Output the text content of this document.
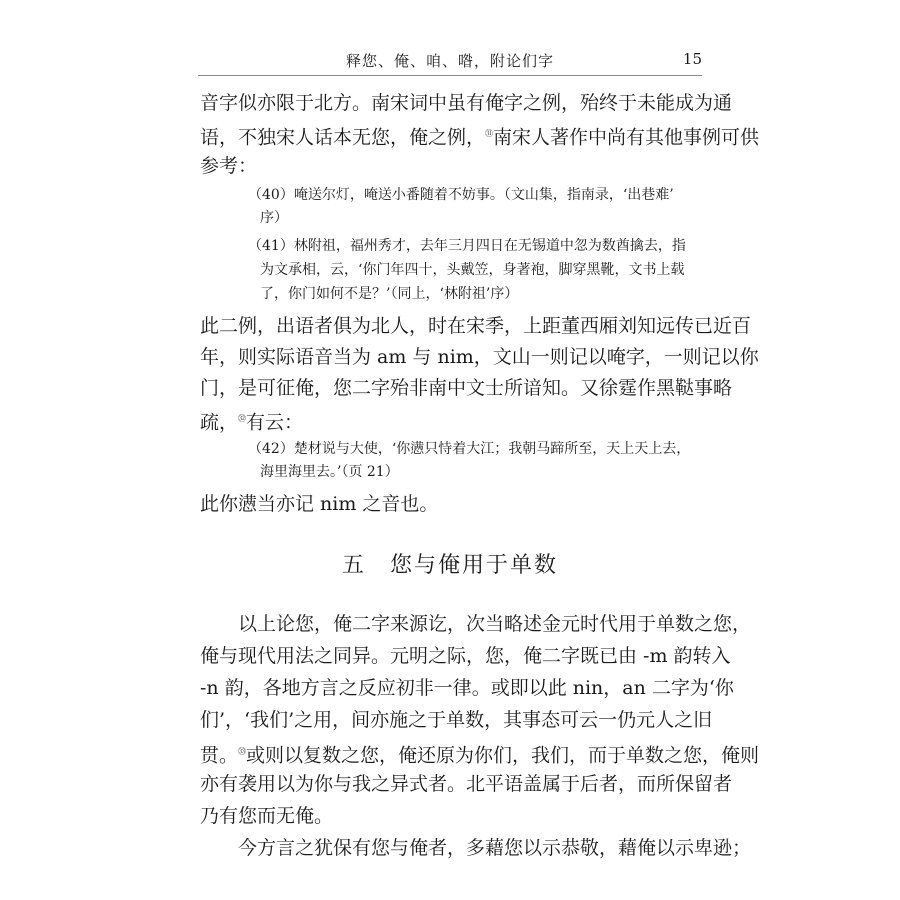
释您、俺、咱、喒，附论们字	15
音字似亦限于北方。南宋词中虽有俺字之例，殆终于未能成为通
语，不独宋人话本无您，俺之例，$^㉛$南宋人著作中尚有其他事例可供
参考：
（40）唵送尔灯，唵送小番随着不妨事。（文山集，指南录，‘出巷难’
序）
（41）林附祖，福州秀才，去年三月四日在无锡道中忽为数酋擒去，指
为文承相，云，‘你门年四十，头戴笠，身著袍，脚穿黑靴，文书上载
了，你门如何不是？’（同上，‘林附祖’序）
此二例，出语者俱为北人，时在宋季，上距董西厢刘知远传已近百
年，则实际语音当为 am 与 nim，文山一则记以唵字，一则记以你
门，是可征俺，您二字殆非南中文士所谙知。又徐霆作黑鞑事略
疏，$^㉜$有云：
（42）楚材说与大使，‘你懑只恃着大江；我朝马蹄所至，天上天上去，
海里海里去。’（页 21）
此你懑当亦记 nim 之音也。
五　您与俺用于单数
以上论您，俺二字来源讫，次当略述金元时代用于单数之您，
俺与现代用法之同异。元明之际，您，俺二字既已由 -m 韵转入
-n 韵，各地方言之反应初非一律。或即以此 nin，an 二字为‘你
们’，‘我们’之用，间亦施之于单数，其事态可云一仍元人之旧
贯。$^㉝$或则以复数之您，俺还原为你们，我们，而于单数之您，俺则
亦有袭用以为你与我之异式者。北平语盖属于后者，而所保留者
乃有您而无俺。
今方言之犹保有您与俺者，多藉您以示恭敬，藉俺以示卑逊；
